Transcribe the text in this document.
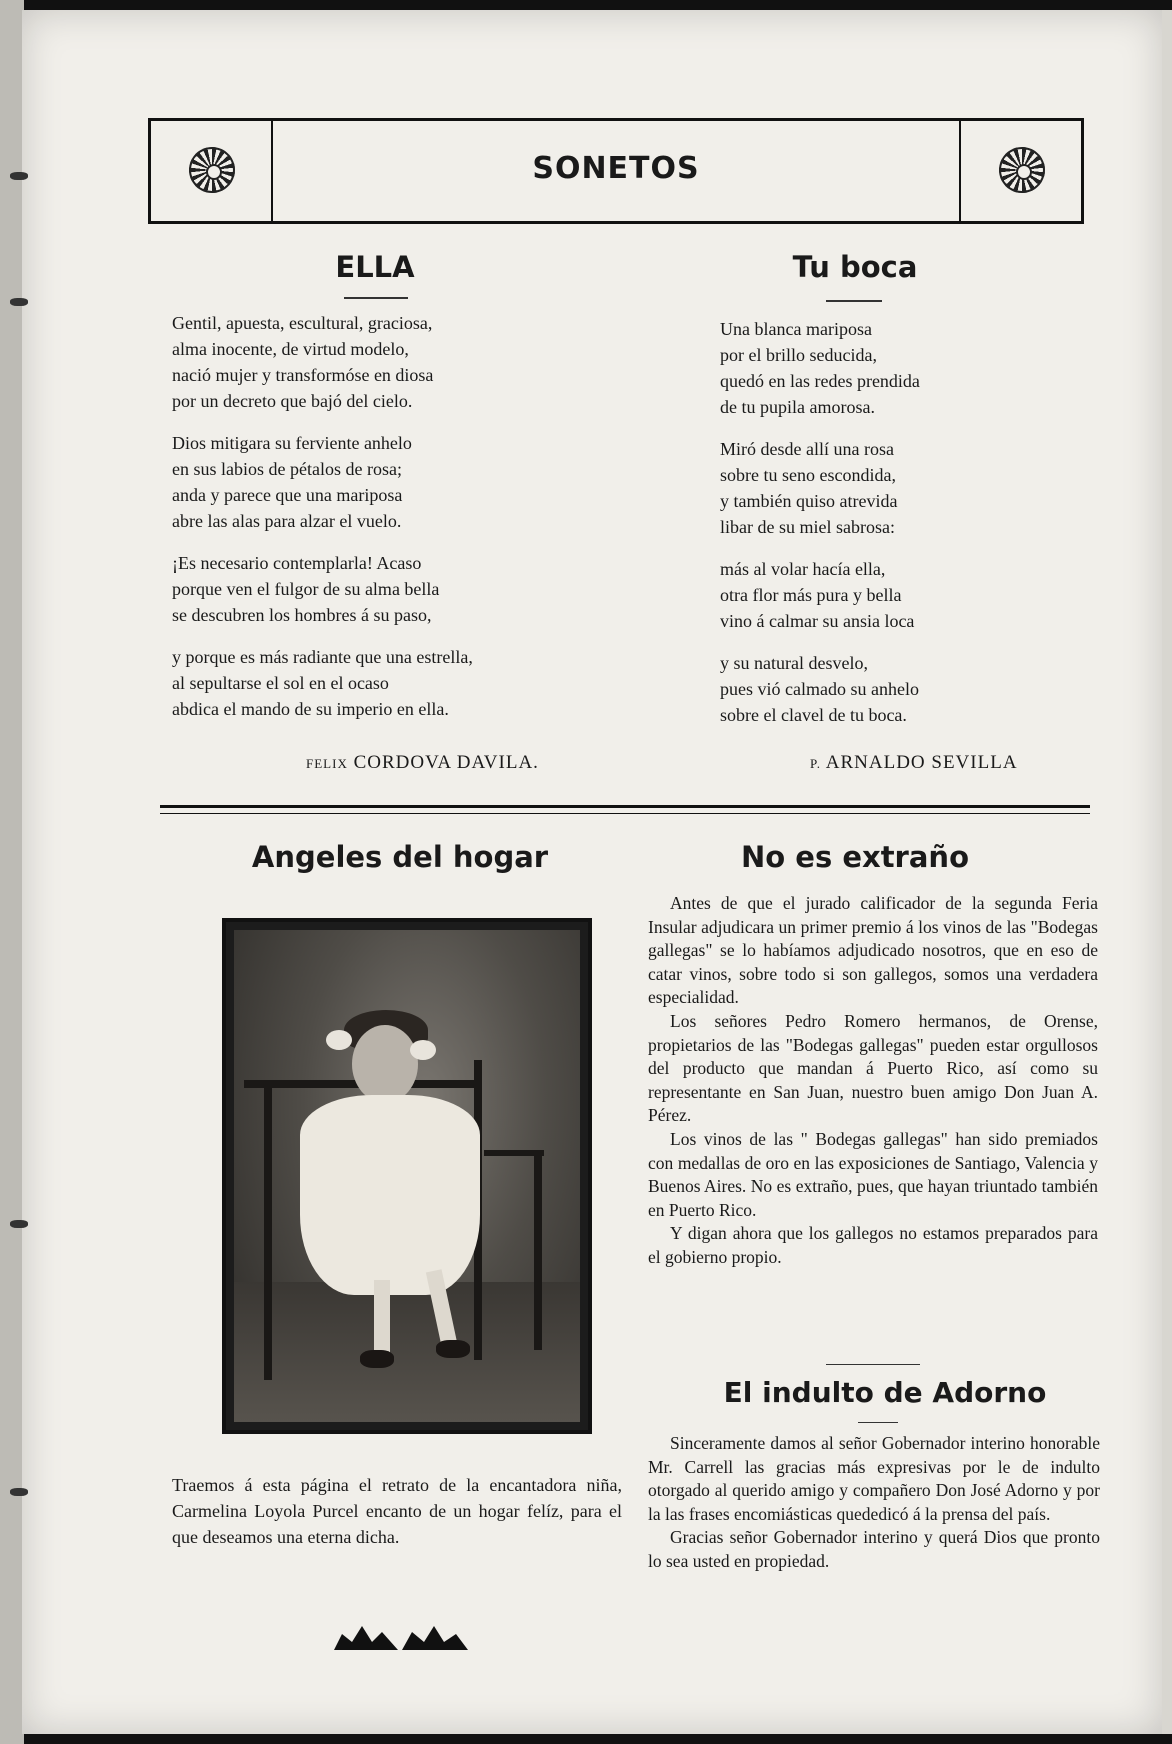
SONETOS
ELLA

Gentil, apuesta, escultural, graciosa,
alma inocente, de virtud modelo,
nació mujer y transformóse en diosa
por un decreto que bajó del cielo.

Dios mitigara su ferviente anhelo
en sus labios de pétalos de rosa;
anda y parece que una mariposa
abre las alas para alzar el vuelo.

¡Es necesario contemplarla! Acaso
porque ven el fulgor de su alma bella
se descubren los hombres á su paso,

y porque es más radiante que una estrella,
al sepultarse el sol en el ocaso
abdica el mando de su imperio en ella.

FELIX CORDOVA DAVILA.
Tu boca

Una blanca mariposa
por el brillo seducida,
quedó en las redes prendida
de tu pupila amorosa.

Miró desde allí una rosa
sobre tu seno escondida,
y también quiso atrevida
libar de su miel sabrosa:

más al volar hacía ella,
otra flor más pura y bella
vino á calmar su ansia loca

y su natural desvelo,
pues vió calmado su anhelo
sobre el clavel de tu boca.

P. ARNALDO SEVILLA
Angeles del hogar
Traemos á esta página el retrato de la encantadora niña, Carmelina Loyola Purcel encanto de un hogar felíz, para el que deseamos una eterna dicha.
No es extraño

Antes de que el jurado calificador de la segunda Feria Insular adjudicara un primer premio á los vinos de las "Bodegas gallegas" se lo habíamos adjudicado nosotros, que en eso de catar vinos, sobre todo si son gallegos, somos una verdadera especialidad.

Los señores Pedro Romero hermanos, de Orense, propietarios de las "Bodegas gallegas" pueden estar orgullosos del producto que mandan á Puerto Rico, así como su representante en San Juan, nuestro buen amigo Don Juan A. Pérez.

Los vinos de las " Bodegas gallegas" han sido premiados con medallas de oro en las exposiciones de Santiago, Valencia y Buenos Aires. No es extraño, pues, que hayan triuntado también en Puerto Rico.

Y digan ahora que los gallegos no estamos preparados para el gobierno propio.

El indulto de Adorno

Sinceramente damos al señor Gobernador interino honorable Mr. Carrell las gracias más expresivas por le de indulto otorgado al querido amigo y compañero Don José Adorno y por la las frases encomiásticas quededicó á la prensa del país.

Gracias señor Gobernador interino y querá Dios que pronto lo sea usted en propiedad.
